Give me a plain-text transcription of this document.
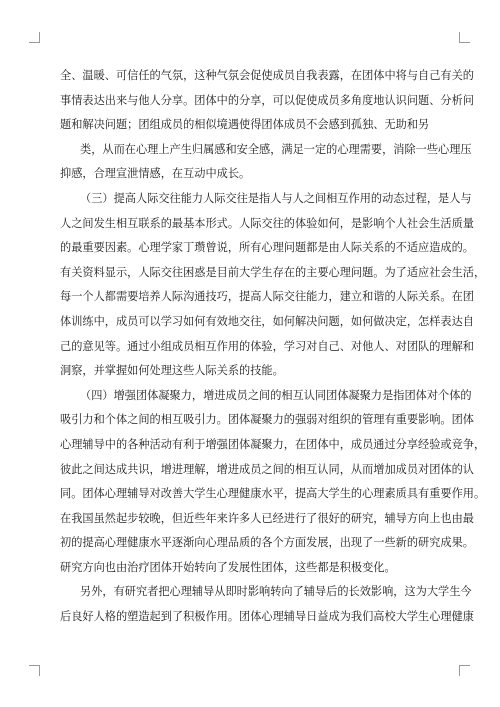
全、温暖、可信任的气氛，这种气氛会促使成员自我表露，在团体中将与自己有关的
事情表达出来与他人分享。团体中的分享，可以促使成员多角度地认识问题、分析问
题和解决问题；团组成员的相似境遇使得团体成员不会感到孤独、无助和另
类，从而在心理上产生归属感和安全感，满足一定的心理需要，消除一些心理压
抑感，合理宣泄情感，在互动中成长。
（三）提高人际交往能力人际交往是指人与人之间相互作用的动态过程，是人与
人之间发生相互联系的最基本形式。人际交往的体验如何，是影响个人社会生活质量
的最重要因素。心理学家丁瓒曾说，所有心理问题都是由人际关系的不适应造成的。
有关资料显示，人际交往困惑是目前大学生存在的主要心理问题。为了适应社会生活，
每一个人都需要培养人际沟通技巧，提高人际交往能力，建立和谐的人际关系。在团
体训练中，成员可以学习如何有效地交往，如何解决问题，如何做决定，怎样表达自
己的意见等。通过小组成员相互作用的体验，学习对自己、对他人、对团队的理解和
洞察，并掌握如何处理这些人际关系的技能。
（四）增强团体凝聚力，增进成员之间的相互认同团体凝聚力是指团体对个体的
吸引力和个体之间的相互吸引力。团体凝聚力的强弱对组织的管理有重要影响。团体
心理辅导中的各种活动有利于增强团体凝聚力，在团体中，成员通过分享经验或竞争，
彼此之间达成共识，增进理解，增进成员之间的相互认同，从而增加成员对团体的认
同。团体心理辅导对改善大学生心理健康水平，提高大学生的心理素质具有重要作用。
在我国虽然起步较晚，但近些年来许多人已经进行了很好的研究，辅导方向上也由最
初的提高心理健康水平逐渐向心理品质的各个方面发展，出现了一些新的研究成果。
研究方向也由治疗团体开始转向了发展性团体，这些都是积极变化。
另外，有研究者把心理辅导从即时影响转向了辅导后的长效影响，这为大学生今
后良好人格的塑造起到了积极作用。团体心理辅导日益成为我们高校大学生心理健康
